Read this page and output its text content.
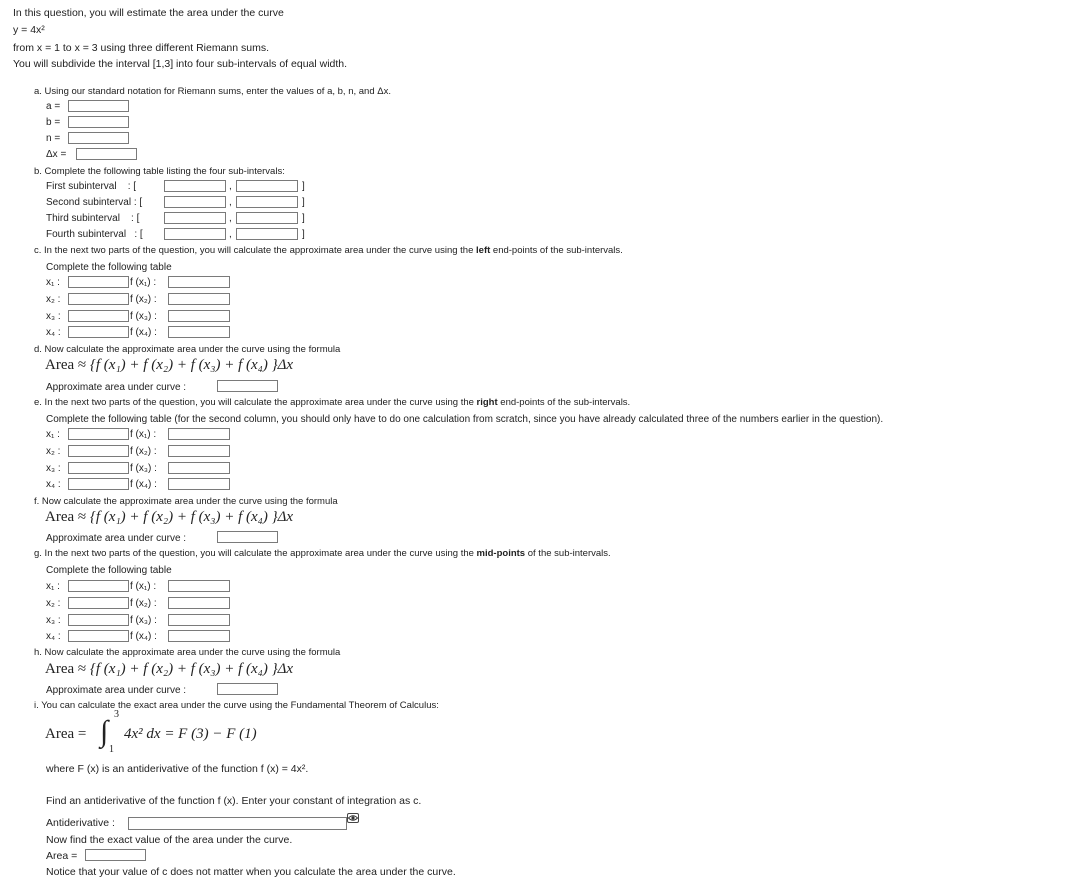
In this question, you will estimate the area under the curve
y = 4x²
from x = 1 to x = 3 using three different Riemann sums.
You will subdivide the interval [1,3] into four sub-intervals of equal width.
a. Using our standard notation for Riemann sums, enter the values of a, b, n, and Δx.
a =
b =
n =
Δx =
b. Complete the following table listing the four sub-intervals:
First subinterval    : [	,	]
Second subinterval : [	,	]
Third subinterval    : [	,	]
Fourth subinterval   : [	,	]
c. In the next two parts of the question, you will calculate the approximate area under the curve using the left end-points of the sub-intervals.
Complete the following table
x₁ :	f (x₁) :
x₂ :	f (x₂) :
x₃ :	f (x₃) :
x₄ :	f (x₄) :
d. Now calculate the approximate area under the curve using the formula
Area ≈ {f (x₁) + f (x₂) + f (x₃) + f (x₄) }Δx
Approximate area under curve :
e. In the next two parts of the question, you will calculate the approximate area under the curve using the right end-points of the sub-intervals.
Complete the following table (for the second column, you should only have to do one calculation from scratch, since you have already calculated three of the numbers earlier in the question).
x₁ :	f (x₁) :
x₂ :	f (x₂) :
x₃ :	f (x₃) :
x₄ :	f (x₄) :
f. Now calculate the approximate area under the curve using the formula
Area ≈ {f (x₁) + f (x₂) + f (x₃) + f (x₄) }Δx
Approximate area under curve :
g. In the next two parts of the question, you will calculate the approximate area under the curve using the mid-points of the sub-intervals.
Complete the following table
x₁ :	f (x₁) :
x₂ :	f (x₂) :
x₃ :	f (x₃) :
x₄ :	f (x₄) :
h. Now calculate the approximate area under the curve using the formula
Area ≈ {f (x₁) + f (x₂) + f (x₃) + f (x₄) }Δx
Approximate area under curve :
i. You can calculate the exact area under the curve using the Fundamental Theorem of Calculus:
Area = ∫
3
1
4x² dx = F (3) − F (1)
where F (x) is an antiderivative of the function f (x) = 4x².
Find an antiderivative of the function f (x). Enter your constant of integration as c.
Antiderivative :
Now find the exact value of the area under the curve.
Area =
Notice that your value of c does not matter when you calculate the area under the curve.
